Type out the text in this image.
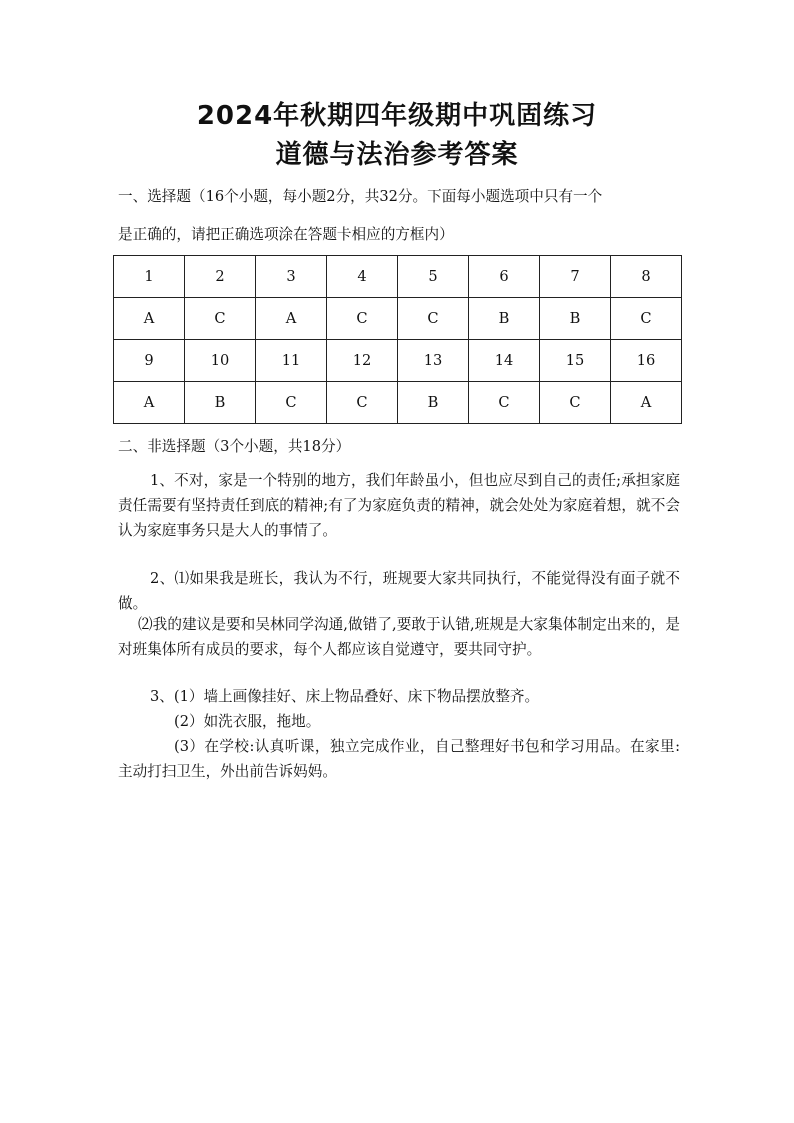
2024年秋期四年级期中巩固练习
道德与法治参考答案
一、选择题（16个小题，每小题2分，共32分。下面每小题选项中只有一个
是正确的，请把正确选项涂在答题卡相应的方框内）
1	2	3	4	5	6	7	8
A	C	A	C	C	B	B	C
9	10	11	12	13	14	15	16
A	B	C	C	B	C	C	A
二、非选择题（3个小题，共18分）
1、不对，家是一个特别的地方，我们年龄虽小，但也应尽到自己的责任;承担家庭责任需要有坚持责任到底的精神;有了为家庭负责的精神，就会处处为家庭着想，就不会认为家庭事务只是大人的事情了。
2、⑴如果我是班长，我认为不行，班规要大家共同执行，不能觉得没有面子就不做。
⑵我的建议是要和吴林同学沟通,做错了,要敢于认错,班规是大家集体制定出来的，是对班集体所有成员的要求，每个人都应该自觉遵守，要共同守护。
3、(1）墙上画像挂好、床上物品叠好、床下物品摆放整齐。
(2）如洗衣服，拖地。
(3）在学校:认真听课，独立完成作业，自己整理好书包和学习用品。在家里:主动打扫卫生，外出前告诉妈妈。
